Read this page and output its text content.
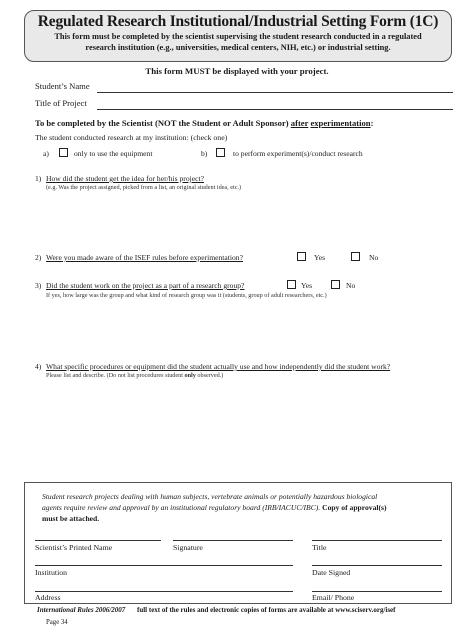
Regulated Research Institutional/Industrial Setting Form (1C)
This form must be completed by the scientist supervising the student research conducted in a regulated
research institution (e.g., universities, medical centers, NIH, etc.) or industrial setting.
This form MUST be displayed with your project.
Student’s Name
Title of Project
To be completed by the Scientist (NOT the Student or Adult Sponsor) after experimentation:
The student conducted research at my institution: (check one)
a)	only to use the equipment	b)	to perform experiment(s)/conduct research
1) How did the student get the idea for her/his project?
(e.g. Was the project assigned, picked from a list, an original student idea, etc.)
2) Were you made aware of the ISEF rules before experimentation?	Yes	No
3) Did the student work on the project as a part of a research group?	Yes	No
If yes, how large was the group and what kind of research group was it (students, group of adult researchers, etc.)
4) What specific procedures or equipment did the student actually use and how independently did the student work?
Please list and describe. (Do not list procedures student only observed.)
Student research projects dealing with human subjects, vertebrate animals or potentially hazardous biological
agents require review and approval by an institutional regulatory board (IRB/IACUC/IBC). Copy of approval(s)
must be attached.
Scientist’s Printed Name	Signature	Title
Institution	Date Signed
Address	Email/ Phone
International Rules 2006/2007 full text of the rules and electronic copies of forms are available at www.sciserv.org/isef
Page 34
